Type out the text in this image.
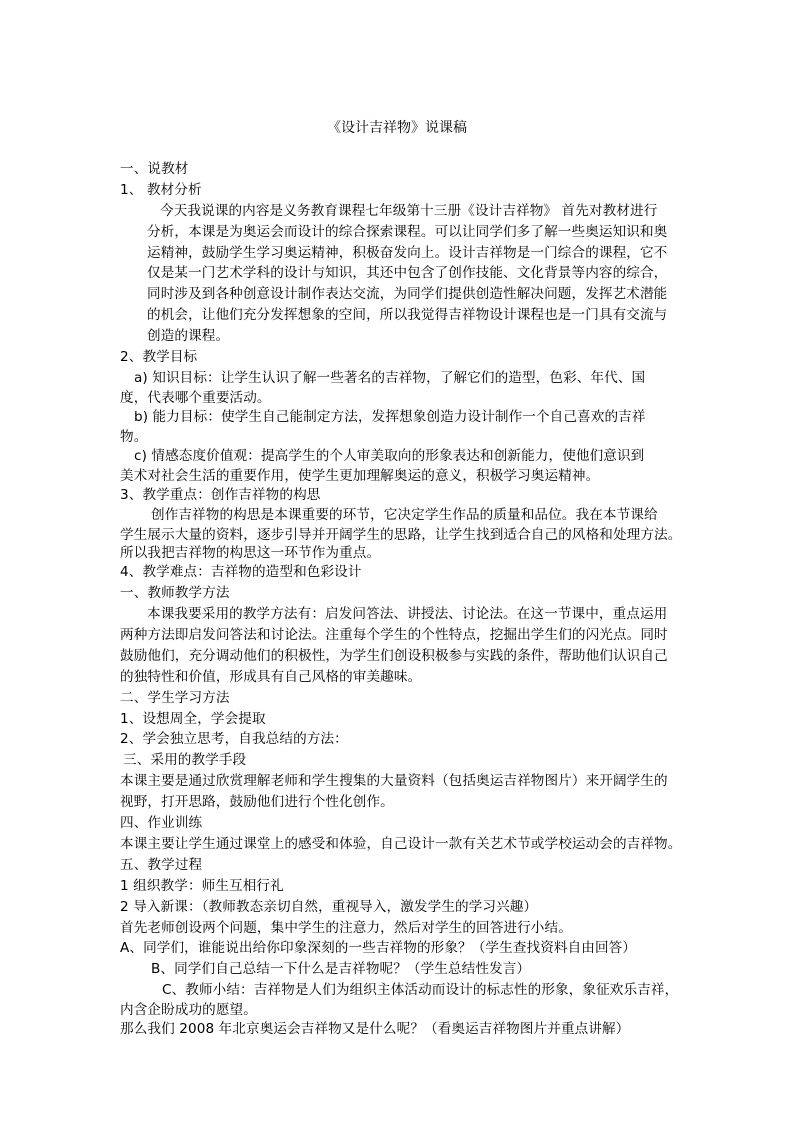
《设计吉祥物》说课稿
一、说教材
1、 教材分析
今天我说课的内容是义务教育课程七年级第十三册《设计吉祥物》 首先对教材进行
分析，本课是为奥运会而设计的综合探索课程。可以让同学们多了解一些奥运知识和奥
运精神，鼓励学生学习奥运精神，积极奋发向上。设计吉祥物是一门综合的课程，它不
仅是某一门艺术学科的设计与知识，其还中包含了创作技能、文化背景等内容的综合，
同时涉及到各种创意设计制作表达交流，为同学们提供创造性解决问题，发挥艺术潜能
的机会，让他们充分发挥想象的空间，所以我觉得吉祥物设计课程也是一门具有交流与
创造的课程。
2、教学目标
a) 知识目标：让学生认识了解一些著名的吉祥物，了解它们的造型，色彩、年代、国
度，代表哪个重要活动。
b) 能力目标：使学生自己能制定方法，发挥想象创造力设计制作一个自己喜欢的吉祥
物。
c) 情感态度价值观：提高学生的个人审美取向的形象表达和创新能力，使他们意识到
美术对社会生活的重要作用，使学生更加理解奥运的意义，积极学习奥运精神。
3、教学重点：创作吉祥物的构思
创作吉祥物的构思是本课重要的环节，它决定学生作品的质量和品位。我在本节课给
学生展示大量的资料，逐步引导并开阔学生的思路，让学生找到适合自己的风格和处理方法。
所以我把吉祥物的构思这一环节作为重点。
4、教学难点：吉祥物的造型和色彩设计
一、教师教学方法
本课我要采用的教学方法有：启发问答法、讲授法、讨论法。在这一节课中，重点运用
两种方法即启发问答法和讨论法。注重每个学生的个性特点，挖掘出学生们的闪光点。同时
鼓励他们，充分调动他们的积极性，为学生们创设积极参与实践的条件，帮助他们认识自己
的独特性和价值，形成具有自己风格的审美趣味。
二、学生学习方法
1、设想周全，学会提取
2、学会独立思考，自我总结的方法：
三、采用的教学手段
本课主要是通过欣赏理解老师和学生搜集的大量资料（包括奥运吉祥物图片）来开阔学生的
视野，打开思路，鼓励他们进行个性化创作。
四、作业训练
本课主要让学生通过课堂上的感受和体验，自己设计一款有关艺术节或学校运动会的吉祥物。
五、教学过程
1 组织教学：师生互相行礼
2 导入新课：（教师教态亲切自然，重视导入，激发学生的学习兴趣）
首先老师创设两个问题，集中学生的注意力，然后对学生的回答进行小结。
A、同学们，谁能说出给你印象深刻的一些吉祥物的形象？（学生查找资料自由回答）
B、同学们自己总结一下什么是吉祥物呢？（学生总结性发言）
C、教师小结：吉祥物是人们为组织主体活动而设计的标志性的形象，象征欢乐吉祥，
内含企盼成功的愿望。
那么我们 2008 年北京奥运会吉祥物又是什么呢？（看奥运吉祥物图片并重点讲解）
